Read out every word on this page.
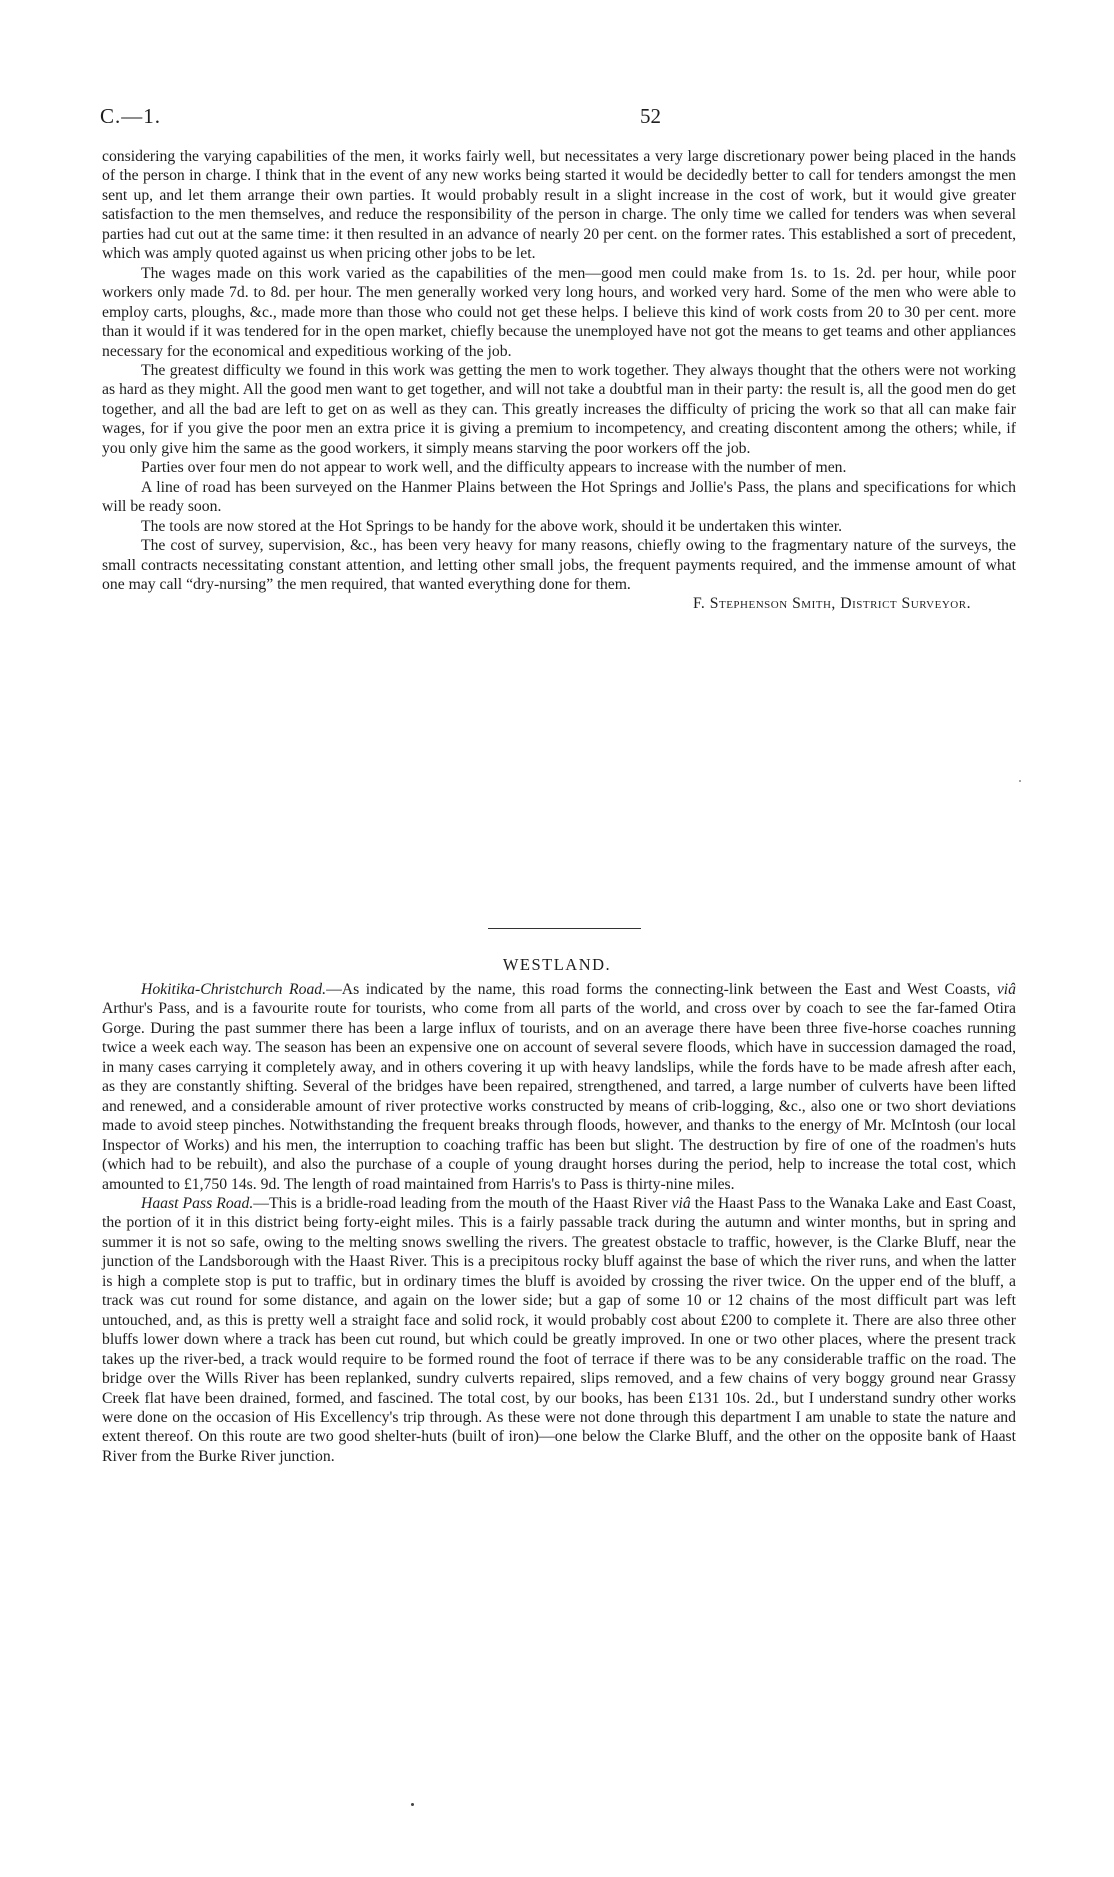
C.—1.	52

considering the varying capabilities of the men, it works fairly well, but necessitates a very large discretionary power being placed in the hands of the person in charge. I think that in the event of any new works being started it would be decidedly better to call for tenders amongst the men sent up, and let them arrange their own parties. It would probably result in a slight increase in the cost of work, but it would give greater satisfaction to the men themselves, and reduce the responsibility of the person in charge. The only time we called for tenders was when several parties had cut out at the same time: it then resulted in an advance of nearly 20 per cent. on the former rates. This established a sort of precedent, which was amply quoted against us when pricing other jobs to be let.

The wages made on this work varied as the capabilities of the men—good men could make from 1s. to 1s. 2d. per hour, while poor workers only made 7d. to 8d. per hour. The men generally worked very long hours, and worked very hard. Some of the men who were able to employ carts, ploughs, &c., made more than those who could not get these helps. I believe this kind of work costs from 20 to 30 per cent. more than it would if it was tendered for in the open market, chiefly because the unemployed have not got the means to get teams and other appliances necessary for the economical and expeditious working of the job.

The greatest difficulty we found in this work was getting the men to work together. They always thought that the others were not working as hard as they might. All the good men want to get together, and will not take a doubtful man in their party: the result is, all the good men do get together, and all the bad are left to get on as well as they can. This greatly increases the difficulty of pricing the work so that all can make fair wages, for if you give the poor men an extra price it is giving a premium to incompetency, and creating discontent among the others; while, if you only give him the same as the good workers, it simply means starving the poor workers off the job.

Parties over four men do not appear to work well, and the difficulty appears to increase with the number of men.

A line of road has been surveyed on the Hanmer Plains between the Hot Springs and Jollie's Pass, the plans and specifications for which will be ready soon.

The tools are now stored at the Hot Springs to be handy for the above work, should it be undertaken this winter.

The cost of survey, supervision, &c., has been very heavy for many reasons, chiefly owing to the fragmentary nature of the surveys, the small contracts necessitating constant attention, and letting other small jobs, the frequent payments required, and the immense amount of what one may call “dry-nursing” the men required, that wanted everything done for them.

F. Stephenson Smith, District Surveyor.

WESTLAND.

Hokitika-Christchurch Road.—As indicated by the name, this road forms the connecting-link between the East and West Coasts, viâ Arthur's Pass, and is a favourite route for tourists, who come from all parts of the world, and cross over by coach to see the far-famed Otira Gorge. During the past summer there has been a large influx of tourists, and on an average there have been three five-horse coaches running twice a week each way. The season has been an expensive one on account of several severe floods, which have in succession damaged the road, in many cases carrying it completely away, and in others covering it up with heavy landslips, while the fords have to be made afresh after each, as they are constantly shifting. Several of the bridges have been repaired, strengthened, and tarred, a large number of culverts have been lifted and renewed, and a considerable amount of river protective works constructed by means of crib-logging, &c., also one or two short deviations made to avoid steep pinches. Notwithstanding the frequent breaks through floods, however, and thanks to the energy of Mr. McIntosh (our local Inspector of Works) and his men, the interruption to coaching traffic has been but slight. The destruction by fire of one of the roadmen's huts (which had to be rebuilt), and also the purchase of a couple of young draught horses during the period, help to increase the total cost, which amounted to £1,750 14s. 9d. The length of road maintained from Harris's to Pass is thirty-nine miles.

Haast Pass Road.—This is a bridle-road leading from the mouth of the Haast River viâ the Haast Pass to the Wanaka Lake and East Coast, the portion of it in this district being forty-eight miles. This is a fairly passable track during the autumn and winter months, but in spring and summer it is not so safe, owing to the melting snows swelling the rivers. The greatest obstacle to traffic, however, is the Clarke Bluff, near the junction of the Landsborough with the Haast River. This is a precipitous rocky bluff against the base of which the river runs, and when the latter is high a complete stop is put to traffic, but in ordinary times the bluff is avoided by crossing the river twice. On the upper end of the bluff, a track was cut round for some distance, and again on the lower side; but a gap of some 10 or 12 chains of the most difficult part was left untouched, and, as this is pretty well a straight face and solid rock, it would probably cost about £200 to complete it. There are also three other bluffs lower down where a track has been cut round, but which could be greatly improved. In one or two other places, where the present track takes up the river-bed, a track would require to be formed round the foot of terrace if there was to be any considerable traffic on the road. The bridge over the Wills River has been replanked, sundry culverts repaired, slips removed, and a few chains of very boggy ground near Grassy Creek flat have been drained, formed, and fascined. The total cost, by our books, has been £131 10s. 2d., but I understand sundry other works were done on the occasion of His Excellency's trip through. As these were not done through this department I am unable to state the nature and extent thereof. On this route are two good shelter-huts (built of iron)—one below the Clarke Bluff, and the other on the opposite bank of Haast River from the Burke River junction.
